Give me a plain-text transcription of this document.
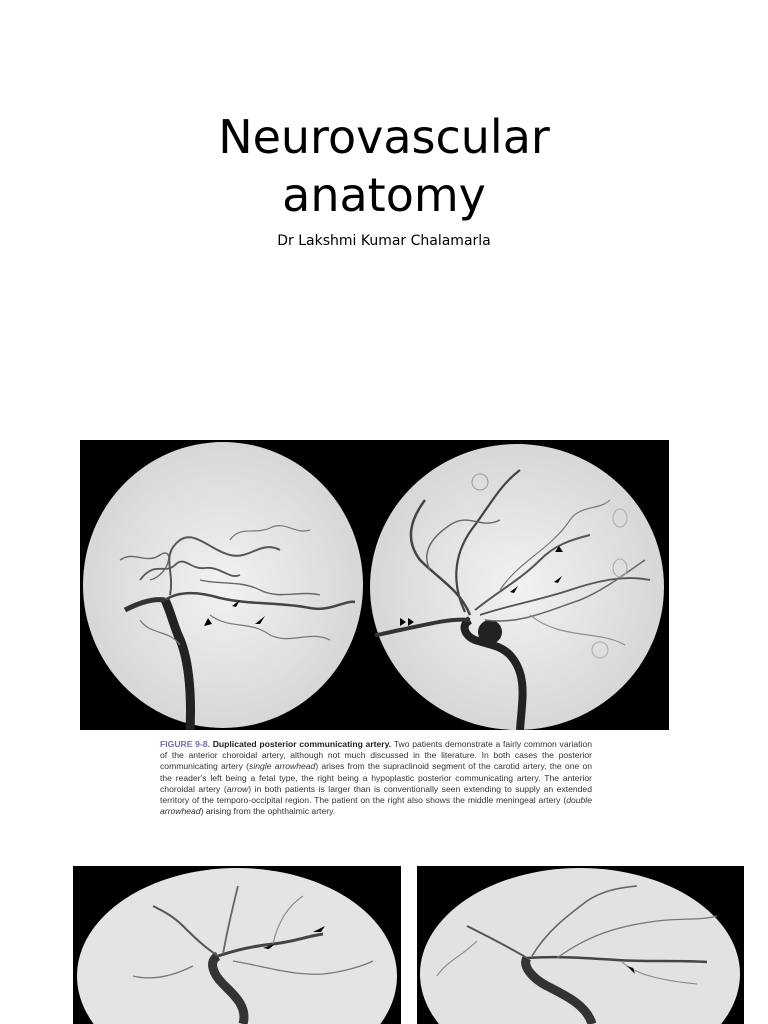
Neurovascular
anatomy
Dr Lakshmi Kumar Chalamarla
FIGURE 9-8. Duplicated posterior communicating artery. Two patients demonstrate a fairly common variation of the anterior choroidal artery, although not much discussed in the literature. In both cases the posterior communicating artery (single arrowhead) arises from the supraclinoid segment of the carotid artery, the one on the reader's left being a fetal type, the right being a hypoplastic posterior communicating artery. The anterior choroidal artery (arrow) in both patients is larger than is conventionally seen extending to supply an extended territory of the temporo-occipital region. The patient on the right also shows the middle meningeal artery (double arrowhead) arising from the ophthalmic artery.
